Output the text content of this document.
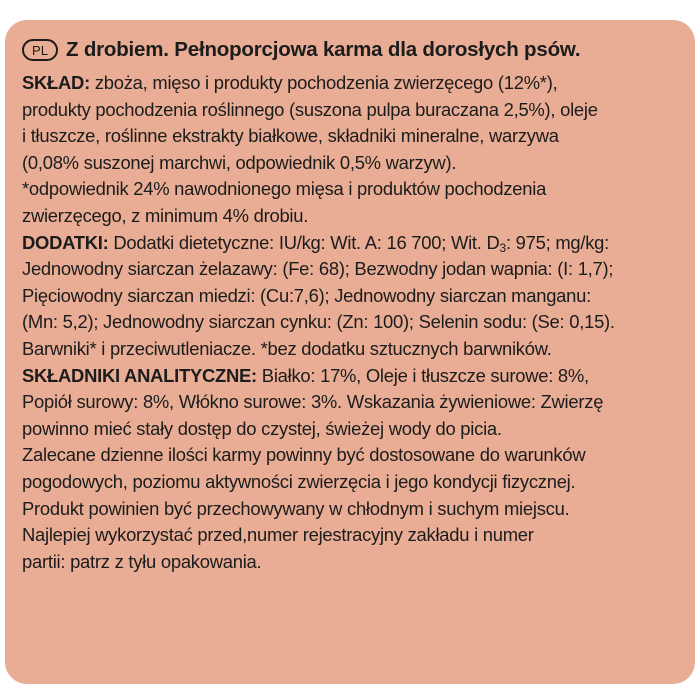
PL Z drobiem. Pełnoporcjowa karma dla dorosłych psów.
SKŁAD: zboża, mięso i produkty pochodzenia zwierzęcego (12%*),
produkty pochodzenia roślinnego (suszona pulpa buraczana 2,5%), oleje
i tłuszcze, roślinne ekstrakty białkowe, składniki mineralne, warzywa
(0,08% suszonej marchwi, odpowiednik 0,5% warzyw).
*odpowiednik 24% nawodnionego mięsa i produktów pochodzenia
zwierzęcego, z minimum 4% drobiu.
DODATKI: Dodatki dietetyczne: IU/kg: Wit. A: 16 700; Wit. $D_3$: 975; mg/kg:
Jednowodny siarczan żelazawy: (Fe: 68); Bezwodny jodan wapnia: (I: 1,7);
Pięciowodny siarczan miedzi: (Cu:7,6); Jednowodny siarczan manganu:
(Mn: 5,2); Jednowodny siarczan cynku: (Zn: 100); Selenin sodu: (Se: 0,15).
Barwniki* i przeciwutleniacze. *bez dodatku sztucznych barwników.
SKŁADNIKI ANALITYCZNE: Białko: 17%, Oleje i tłuszcze surowe: 8%,
Popiół surowy: 8%, Włókno surowe: 3%. Wskazania żywieniowe: Zwierzę
powinno mieć stały dostęp do czystej, świeżej wody do picia.
Zalecane dzienne ilości karmy powinny być dostosowane do warunków
pogodowych, poziomu aktywności zwierzęcia i jego kondycji fizycznej.
Produkt powinien być przechowywany w chłodnym i suchym miejscu.
Najlepiej wykorzystać przed,numer rejestracyjny zakładu i numer
partii: patrz z tyłu opakowania.
